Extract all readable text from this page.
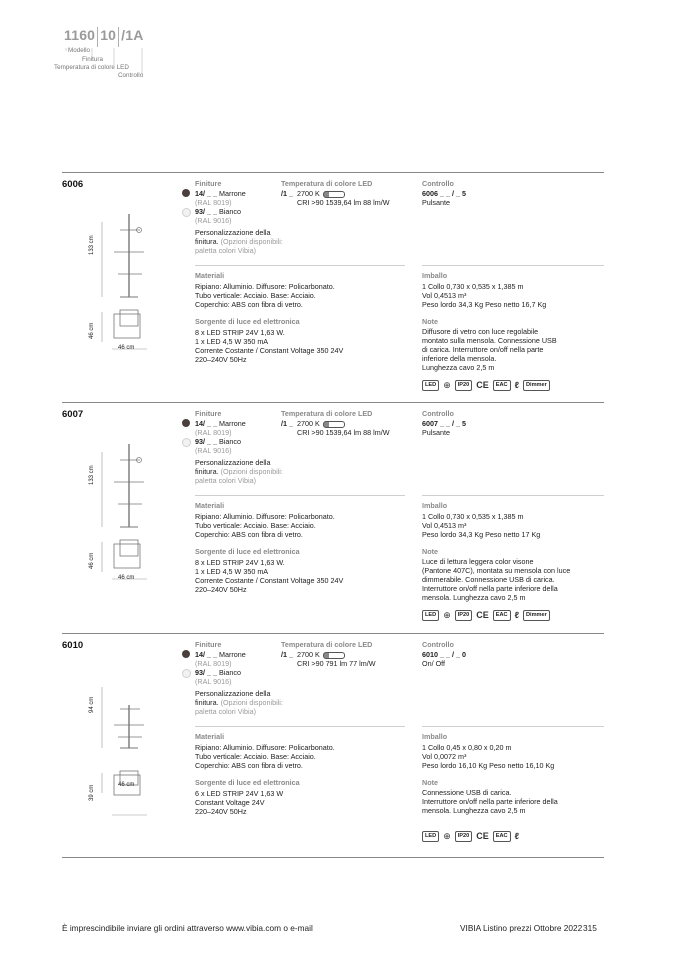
1160 10 /1A
Modello
Finitura
Temperatura di colore LED
Controllo
6006
133 cm
46 cm
46 cm
Finiture
14/ _ _ Marrone
(RAL 8019)
93/ _ _ Bianco
(RAL 9016)
Personalizzazione della
finitura. (Opzioni disponibili:
paletta colori Vibia)
Temperatura di colore LED
/1 _ 2700 K
CRI >90 1539,64 lm 88 lm/W
Controllo
6006 _ _ / _ 5
Pulsante
Materiali
Ripiano: Alluminio. Diffusore: Policarbonato.
Tubo verticale: Acciaio. Base: Acciaio.
Coperchio: ABS con fibra di vetro.
Imballo
1 Collo 0,730 x 0,535 x 1,385 m
Vol 0,4513 m³
Peso lordo 34,3 Kg Peso netto 16,7 Kg
Sorgente di luce ed elettronica
8 x LED STRIP 24V 1,63 W.
1 x LED 4,5 W 350 mA
Corrente Costante / Constant Voltage 350 24V
220–240V 50Hz
Note
Diffusore di vetro con luce regolabile
montato sulla mensola. Connessione USB
di carica. Interruttore on/off nella parte
inferiore della mensola.
Lunghezza cavo 2,5 m
LED ⊕	IP20 CE	EAC ℓ	Dimmer
6007
133 cm
46 cm
46 cm
Finiture
14/ _ _ Marrone
(RAL 8019)
93/ _ _ Bianco
(RAL 9016)
Personalizzazione della
finitura. (Opzioni disponibili:
paletta colori Vibia)
Temperatura di colore LED
/1 _ 2700 K
CRI >90 1539,64 lm 88 lm/W
Controllo
6007 _ _ / _ 5
Pulsante
Materiali
Ripiano: Alluminio. Diffusore: Policarbonato.
Tubo verticale: Acciaio. Base: Acciaio.
Coperchio: ABS con fibra di vetro.
Imballo
1 Collo 0,730 x 0,535 x 1,385 m
Vol 0,4513 m³
Peso lordo 34,3 Kg Peso netto 17 Kg
Sorgente di luce ed elettronica
8 x LED STRIP 24V 1,63 W.
1 x LED 4,5 W 350 mA
Corrente Costante / Constant Voltage 350 24V
220–240V 50Hz
Note
Luce di lettura leggera color visone
(Pantone 407C), montata su mensola con luce
dimmerabile. Connessione USB di carica.
Interruttore on/off nella parte inferiore della
mensola. Lunghezza cavo 2,5 m
LED ⊕	IP20 CE	EAC ℓ	Dimmer
6010
94 cm
39 cm	46 cm
Finiture
14/ _ _ Marrone
(RAL 8019)
93/ _ _ Bianco
(RAL 9016)
Personalizzazione della
finitura. (Opzioni disponibili:
paletta colori Vibia)
Temperatura di colore LED
/1 _ 2700 K
CRI >90 791 lm 77 lm/W
Controllo
6010 _ _ / _ 0
On/ Off
Materiali
Ripiano: Alluminio. Diffusore: Policarbonato.
Tubo verticale: Acciaio. Base: Acciaio.
Coperchio: ABS con fibra di vetro.
Imballo
1 Collo 0,45 x 0,80 x 0,20 m
Vol 0,0072 m³
Peso lordo 16,10 Kg Peso netto 16,10 Kg
Sorgente di luce ed elettronica
6 x LED STRIP 24V 1,63 W
Constant Voltage 24V
220–240V 50Hz
Note
Connessione USB di carica.
Interruttore on/off nella parte inferiore della
mensola. Lunghezza cavo 2,5 m
LED ⊕	IP20 CE	EAC ℓ
È imprescindibile inviare gli ordini attraverso www.vibia.com o e-mail	VIBIA Listino prezzi Ottobre 2022 315
